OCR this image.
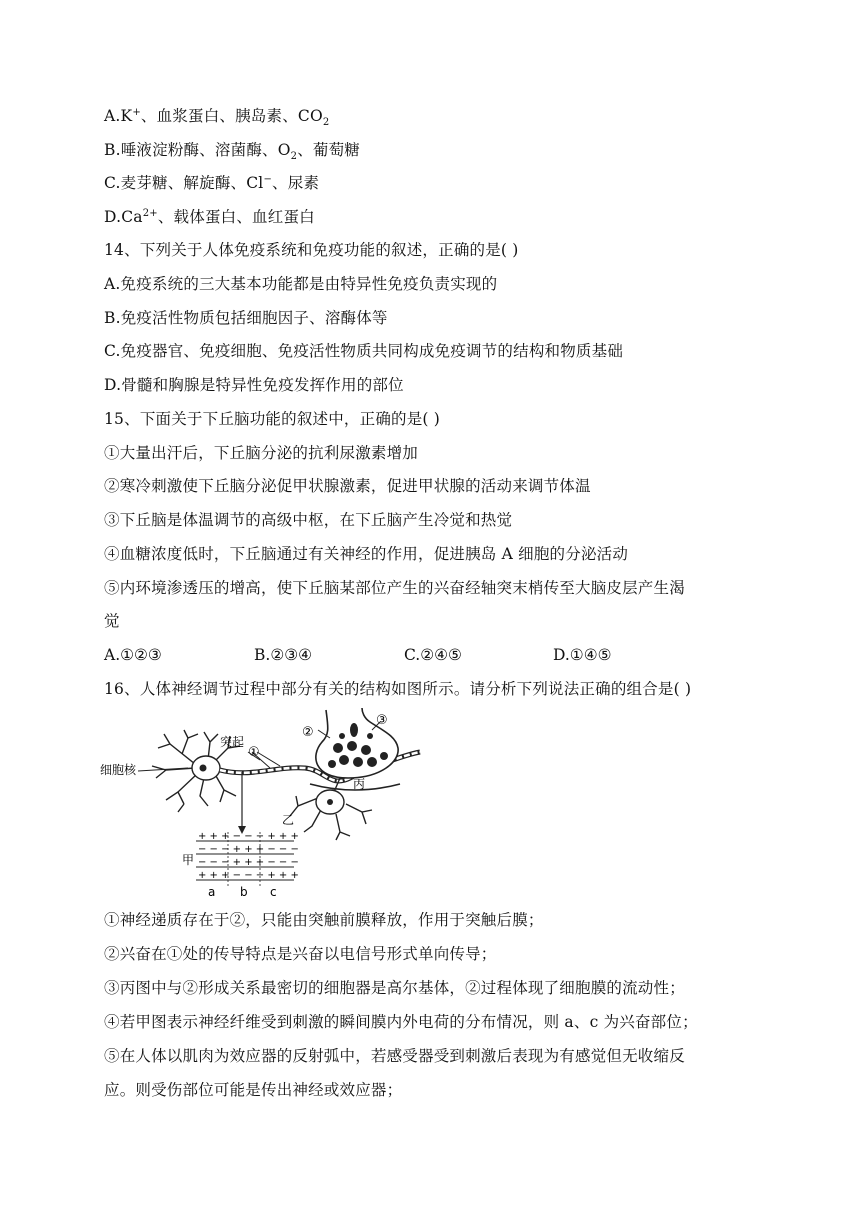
A.K+、血浆蛋白、胰岛素、$CO_2$
B.唾液淀粉酶、溶菌酶、$O_2$、葡萄糖
C.麦芽糖、解旋酶、Cl−、尿素
$D.Ca^{2+}$、载体蛋白、血红蛋白
14、下列关于人体免疫系统和免疫功能的叙述，正确的是( )
A.免疫系统的三大基本功能都是由特异性免疫负责实现的
B.免疫活性物质包括细胞因子、溶酶体等
C.免疫器官、免疫细胞、免疫活性物质共同构成免疫调节的结构和物质基础
D.骨髓和胸腺是特异性免疫发挥作用的部位
15、下面关于下丘脑功能的叙述中，正确的是( )
①大量出汗后，下丘脑分泌的抗利尿激素增加
②寒冷刺激使下丘脑分泌促甲状腺激素，促进甲状腺的活动来调节体温
③下丘脑是体温调节的高级中枢，在下丘脑产生冷觉和热觉
④血糖浓度低时，下丘脑通过有关神经的作用，促进胰岛 A 细胞的分泌活动
⑤内环境渗透压的增高，使下丘脑某部位产生的兴奋经轴突末梢传至大脑皮层产生渴
觉
A.①②③	B.②③④	C.②④⑤	D.①④⑤
16、人体神经调节过程中部分有关的结构如图所示。请分析下列说法正确的组合是( )
细胞核
突起
①
②
③
丙
乙
+ + + − − − + + +
− − − + + + − − −
− − − + + + − − −
+ + + − − − + + +
甲
a b c
①神经递质存在于②，只能由突触前膜释放，作用于突触后膜；
②兴奋在①处的传导特点是兴奋以电信号形式单向传导；
③丙图中与②形成关系最密切的细胞器是高尔基体，②过程体现了细胞膜的流动性；
④若甲图表示神经纤维受到刺激的瞬间膜内外电荷的分布情况，则 a、c 为兴奋部位；
⑤在人体以肌肉为效应器的反射弧中，若感受器受到刺激后表现为有感觉但无收缩反
应。则受伤部位可能是传出神经或效应器；
